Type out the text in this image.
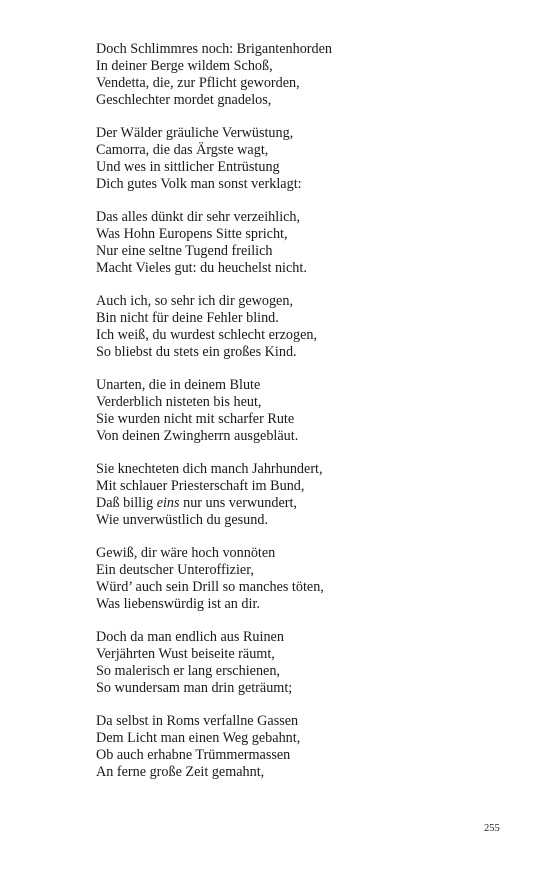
Doch Schlimmres noch: Brigantenhorden
In deiner Berge wildem Schoß,
Vendetta, die, zur Pflicht geworden,
Geschlechter mordet gnadelos,
Der Wälder gräuliche Verwüstung,
Camorra, die das Ärgste wagt,
Und wes in sittlicher Entrüstung
Dich gutes Volk man sonst verklagt:
Das alles dünkt dir sehr verzeihlich,
Was Hohn Europens Sitte spricht,
Nur eine seltne Tugend freilich
Macht Vieles gut: du heuchelst nicht.
Auch ich, so sehr ich dir gewogen,
Bin nicht für deine Fehler blind.
Ich weiß, du wurdest schlecht erzogen,
So bliebst du stets ein großes Kind.
Unarten, die in deinem Blute
Verderblich nisteten bis heut,
Sie wurden nicht mit scharfer Rute
Von deinen Zwingherrn ausgebläut.
Sie knechteten dich manch Jahrhundert,
Mit schlauer Priesterschaft im Bund,
Daß billig eins nur uns verwundert,
Wie unverwüstlich du gesund.
Gewiß, dir wäre hoch vonnöten
Ein deutscher Unteroffizier,
Würd’ auch sein Drill so manches töten,
Was liebenswürdig ist an dir.
Doch da man endlich aus Ruinen
Verjährten Wust beiseite räumt,
So malerisch er lang erschienen,
So wundersam man drin geträumt;
Da selbst in Roms verfallne Gassen
Dem Licht man einen Weg gebahnt,
Ob auch erhabne Trümmermassen
An ferne große Zeit gemahnt,
255
